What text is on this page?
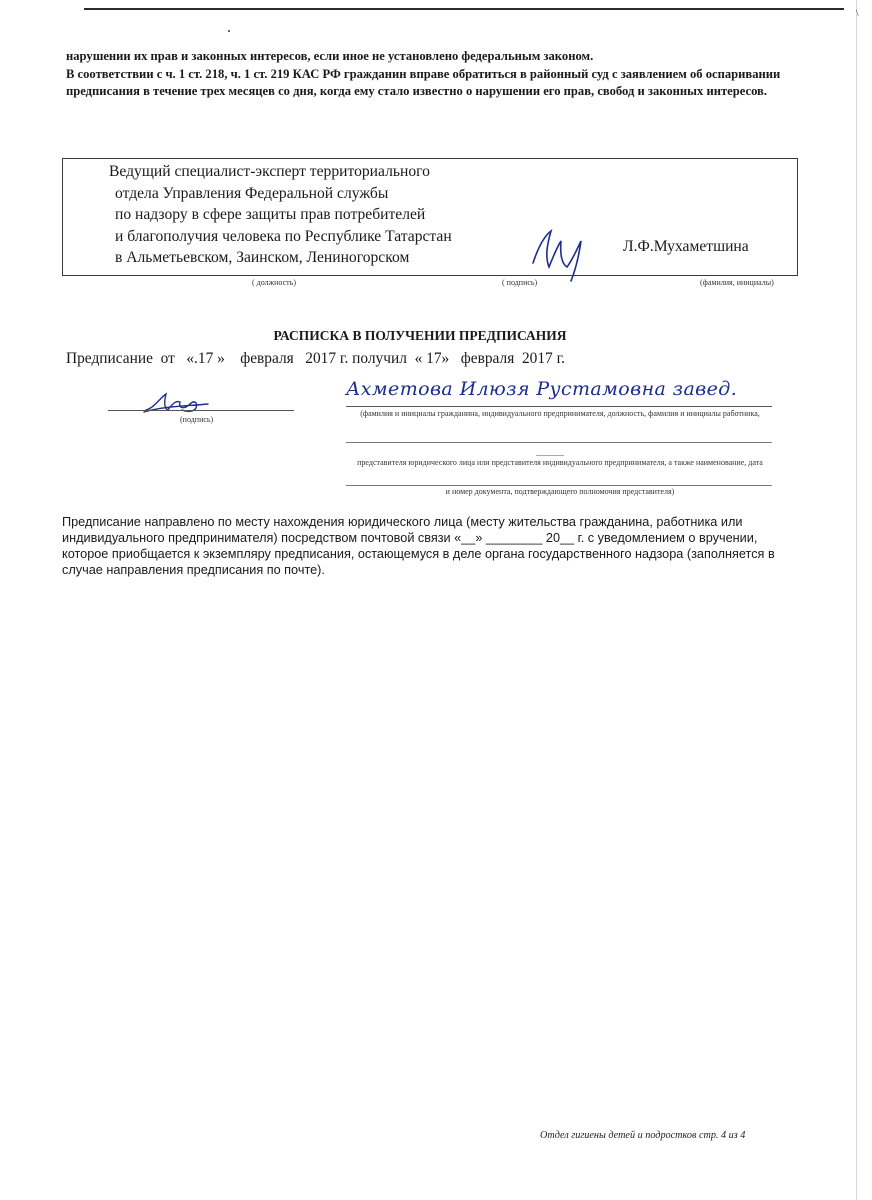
\

нарушении их прав и законных интересов, если иное не установлено федеральным законом.

В соответствии с ч. 1 ст. 218, ч. 1 ст. 219 КАС РФ гражданин вправе обратиться в районный суд с заявлением об оспаривании предписания в течение трех месяцев со дня, когда ему стало известно о нарушении его прав, свобод и законных интересов.

Ведущий специалист-эксперт территориального
отдела Управления Федеральной службы
по надзору в сфере защиты прав потребителей
и благополучия человека по Республике Татарстан
в Альметьевском, Заинском, Лениногорском
Л.Ф.Мухаметшина
( должность)	( подпись)	(фамилия, инициалы)
РАСПИСКА В ПОЛУЧЕНИИ ПРЕДПИСАНИЯ
Предписание  от   «.17 »    февраля   2017 г. получил  « 17»   февраля  2017 г.
(подпись)
Ахметова Илюзя Рустамовна завед.
(фамилия и инициалы гражданина, индивидуального предпринимателя, должность, фамилия и инициалы работника,
_______
представителя юридического лица или представителя индивидуального предпринимателя, а также наименование, дата
и номер документа, подтверждающего полномочия представителя)
Предписание направлено по месту нахождения юридического лица (месту жительства гражданина, работника или индивидуального предпринимателя) посредством почтовой связи «__» ________ 20__ г. с уведомлением о вручении, которое приобщается к экземпляру предписания, остающемуся в деле органа государственного надзора (заполняется в случае направления предписания по почте).
Отдел гигиены детей и подростков стр. 4 из 4
